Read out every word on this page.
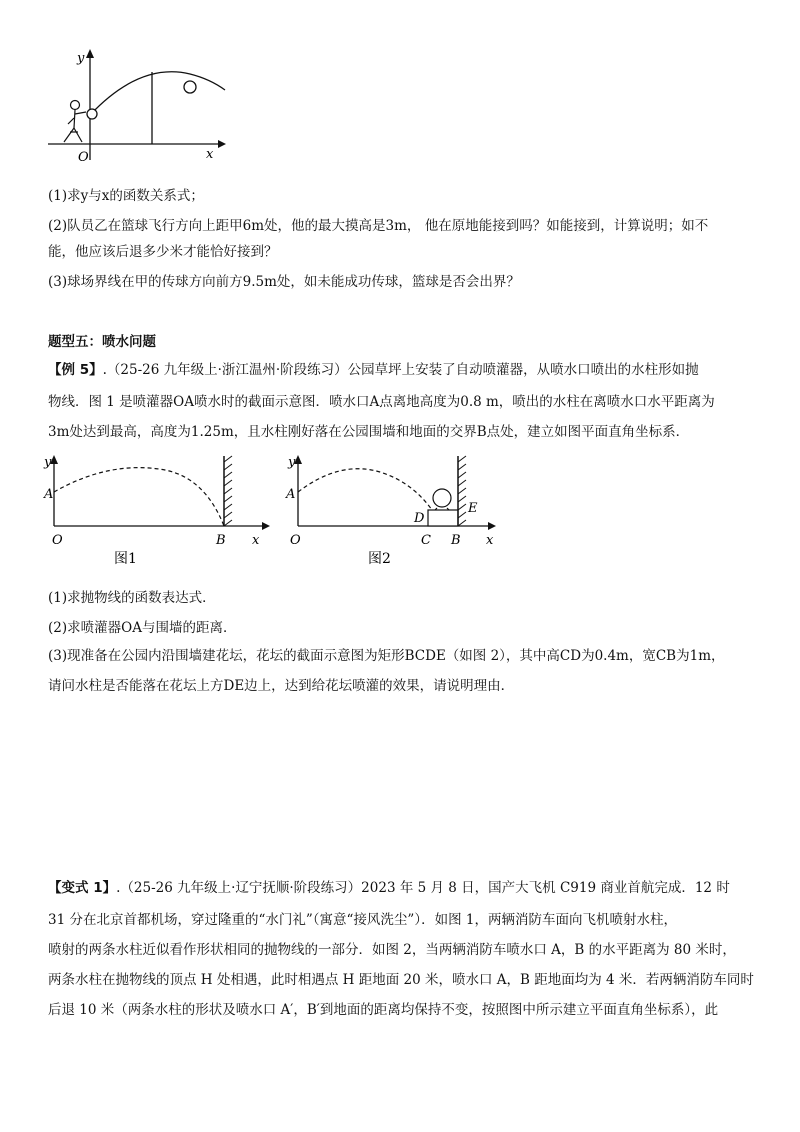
y
x
O
(1)求y与x的函数关系式；
(2)队员乙在篮球飞行方向上距甲6m处，他的最大摸高是3m， 他在原地能接到吗？如能接到，计算说明；如不
能，他应该后退多少米才能恰好接到？
(3)球场界线在甲的传球方向前方9.5m处，如未能成功传球，篮球是否会出界？
题型五：喷水问题
【例 5】.（25-26 九年级上·浙江温州·阶段练习）公园草坪上安装了自动喷灌器，从喷水口喷出的水柱形如抛
物线．图 1 是喷灌器OA喷水时的截面示意图．喷水口A点离地高度为0.8 m，喷出的水柱在离喷水口水平距离为
3m处达到最高，高度为1.25m，且水柱刚好落在公园围墙和地面的交界B点处，建立如图平面直角坐标系．
y
A
O	B x
图1
y
A
D
E
O	C B x
图2
(1)求抛物线的函数表达式．
(2)求喷灌器OA与围墙的距离．
(3)现准备在公园内沿围墙建花坛，花坛的截面示意图为矩形BCDE（如图 2），其中高CD为0.4m，宽CB为1m，
请问水柱是否能落在花坛上方DE边上，达到给花坛喷灌的效果，请说明理由．
【变式 1】.（25-26 九年级上·辽宁抚顺·阶段练习）2023 年 5 月 8 日，国产大飞机 C919 商业首航完成．12 时
31 分在北京首都机场，穿过隆重的“水门礼”（寓意“接风洗尘”）．如图 1，两辆消防车面向飞机喷射水柱，
喷射的两条水柱近似看作形状相同的抛物线的一部分．如图 2，当两辆消防车喷水口 A，B 的水平距离为 80 米时，
两条水柱在抛物线的顶点 H 处相遇，此时相遇点 H 距地面 20 米，喷水口 A，B 距地面均为 4 米．若两辆消防车同时
后退 10 米（两条水柱的形状及喷水口 A′，B′到地面的距离均保持不变，按照图中所示建立平面直角坐标系），此
